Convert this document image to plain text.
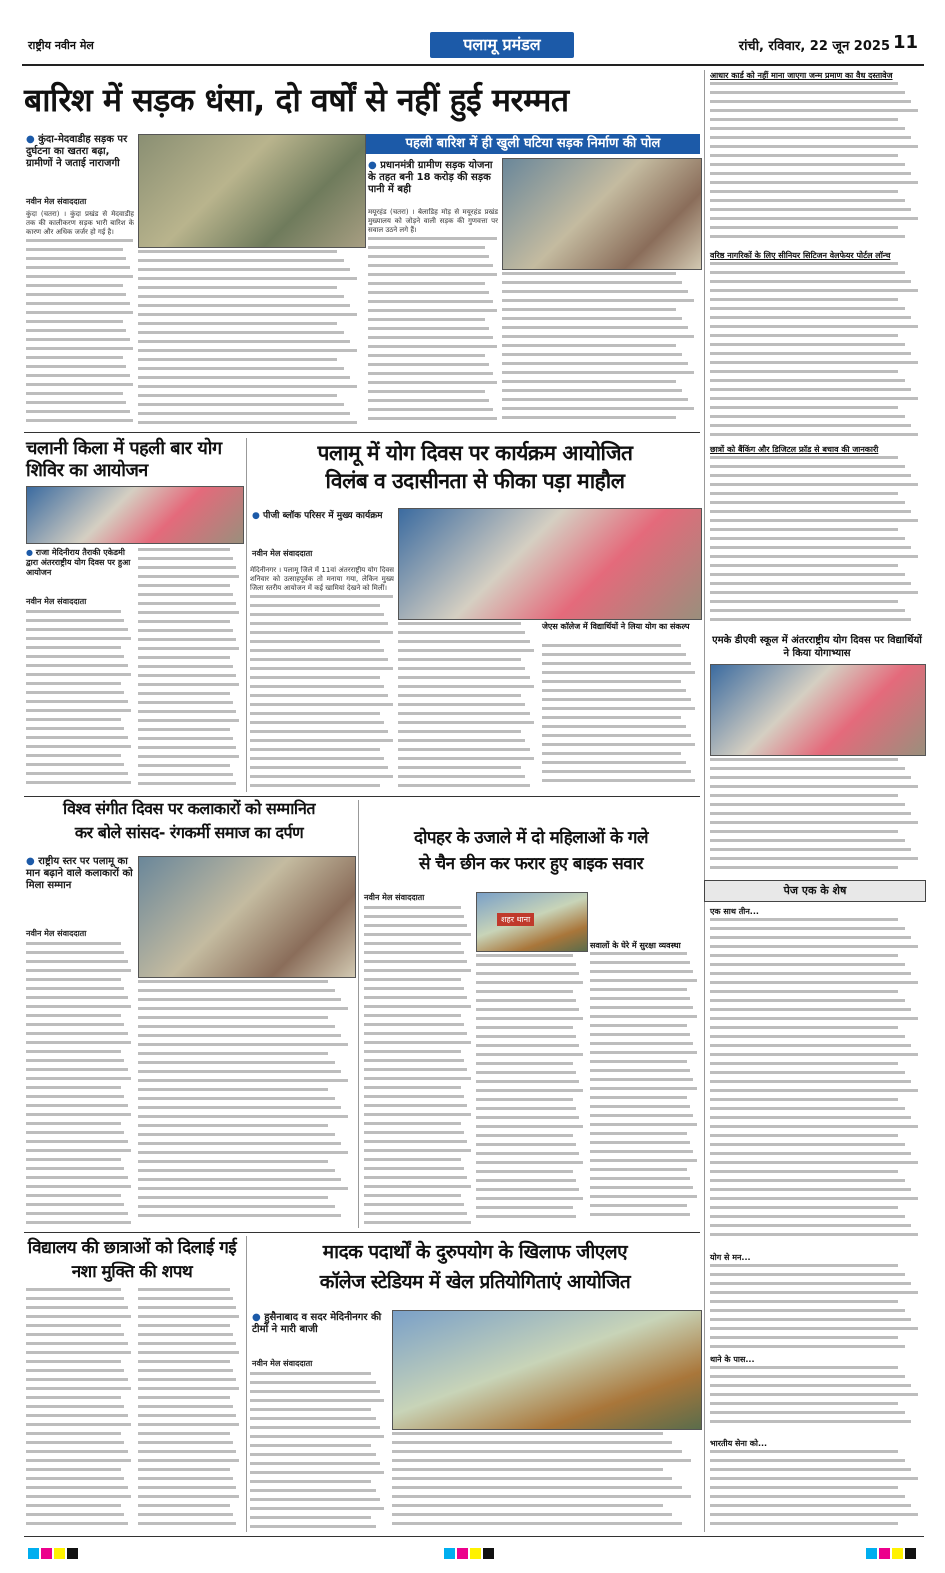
राष्ट्रीय नवीन मेल	पलामू प्रमंडल	रांची, रविवार, 22 जून 2025 11
बारिश में सड़क धंसा, दो वर्षों से नहीं हुई मरम्मत
● कुंदा-मेदवाडीह सड़क पर दुर्घटना का खतरा बढ़ा, ग्रामीणों ने जताई नाराजगी
नवीन मेल संवाददाता
कुंदा (चतरा) । कुंदा प्रखंड से मेदवाडीह तक की कालीकरण सड़क भारी बारिश के कारण और अधिक जर्जर हो गई है।
पहली बारिश में ही खुली घटिया सड़क निर्माण की पोल
● प्रधानमंत्री ग्रामीण सड़क योजना के तहत बनी 18 करोड़ की सड़क पानी में बही
मयूरहंड (चतरा) । बेलाडिह मोड़ से मयूरहंड प्रखंड मुख्यालय को जोड़ने वाली सड़क की गुणवत्ता पर सवाल उठने लगे हैं।
चलानी किला में पहली बार योग शिविर का आयोजन
● राजा मेदिनीराय तैराकी एकेडमी द्वारा अंतरराष्ट्रीय योग दिवस पर हुआ आयोजन
नवीन मेल संवाददाता
पलामू में योग दिवस पर कार्यक्रम आयोजित
विलंब व उदासीनता से फीका पड़ा माहौल
● पीजी ब्लॉक परिसर में मुख्य कार्यक्रम
नवीन मेल संवाददाता
मेदिनीनगर । पलामू जिले में 11वां अंतरराष्ट्रीय योग दिवस शनिवार को उत्साहपूर्वक तो मनाया गया, लेकिन मुख्य जिला स्तरीय आयोजन में कई खामियां देखने को मिलीं।
जेएस कॉलेज में विद्यार्थियों ने लिया योग का संकल्प
विश्व संगीत दिवस पर कलाकारों को सम्मानित
कर बोले सांसद- रंगकर्मी समाज का दर्पण
● राष्ट्रीय स्तर पर पलामू का मान बढ़ाने वाले कलाकारों को मिला सम्मान
नवीन मेल संवाददाता
दोपहर के उजाले में दो महिलाओं के गले
से चैन छीन कर फरार हुए बाइक सवार
नवीन मेल संवाददाता
शहर थाना
सवालों के घेरे में सुरक्षा व्यवस्था
विद्यालय की छात्राओं को दिलाई गई नशा मुक्ति की शपथ
मादक पदार्थों के दुरुपयोग के खिलाफ जीएलए
कॉलेज स्टेडियम में खेल प्रतियोगिताएं आयोजित
● हुसैनाबाद व सदर मेदिनीनगर की टीमों ने मारी बाजी
नवीन मेल संवाददाता
आधार कार्ड को नहीं माना जाएगा जन्म प्रमाण का वैध दस्तावेज
वरिष्ठ नागरिकों के लिए सीनियर सिटिजन वेलफेयर पोर्टल लॉन्च
छात्रों को बैंकिंग और डिजिटल फ्रॉड से बचाव की जानकारी
एमके डीएवी स्कूल में अंतरराष्ट्रीय योग दिवस पर विद्यार्थियों ने किया योगाभ्यास
पेज एक के शेष
एक साथ तीन...
योग से मन...
थाने के पास...
भारतीय सेना को...
